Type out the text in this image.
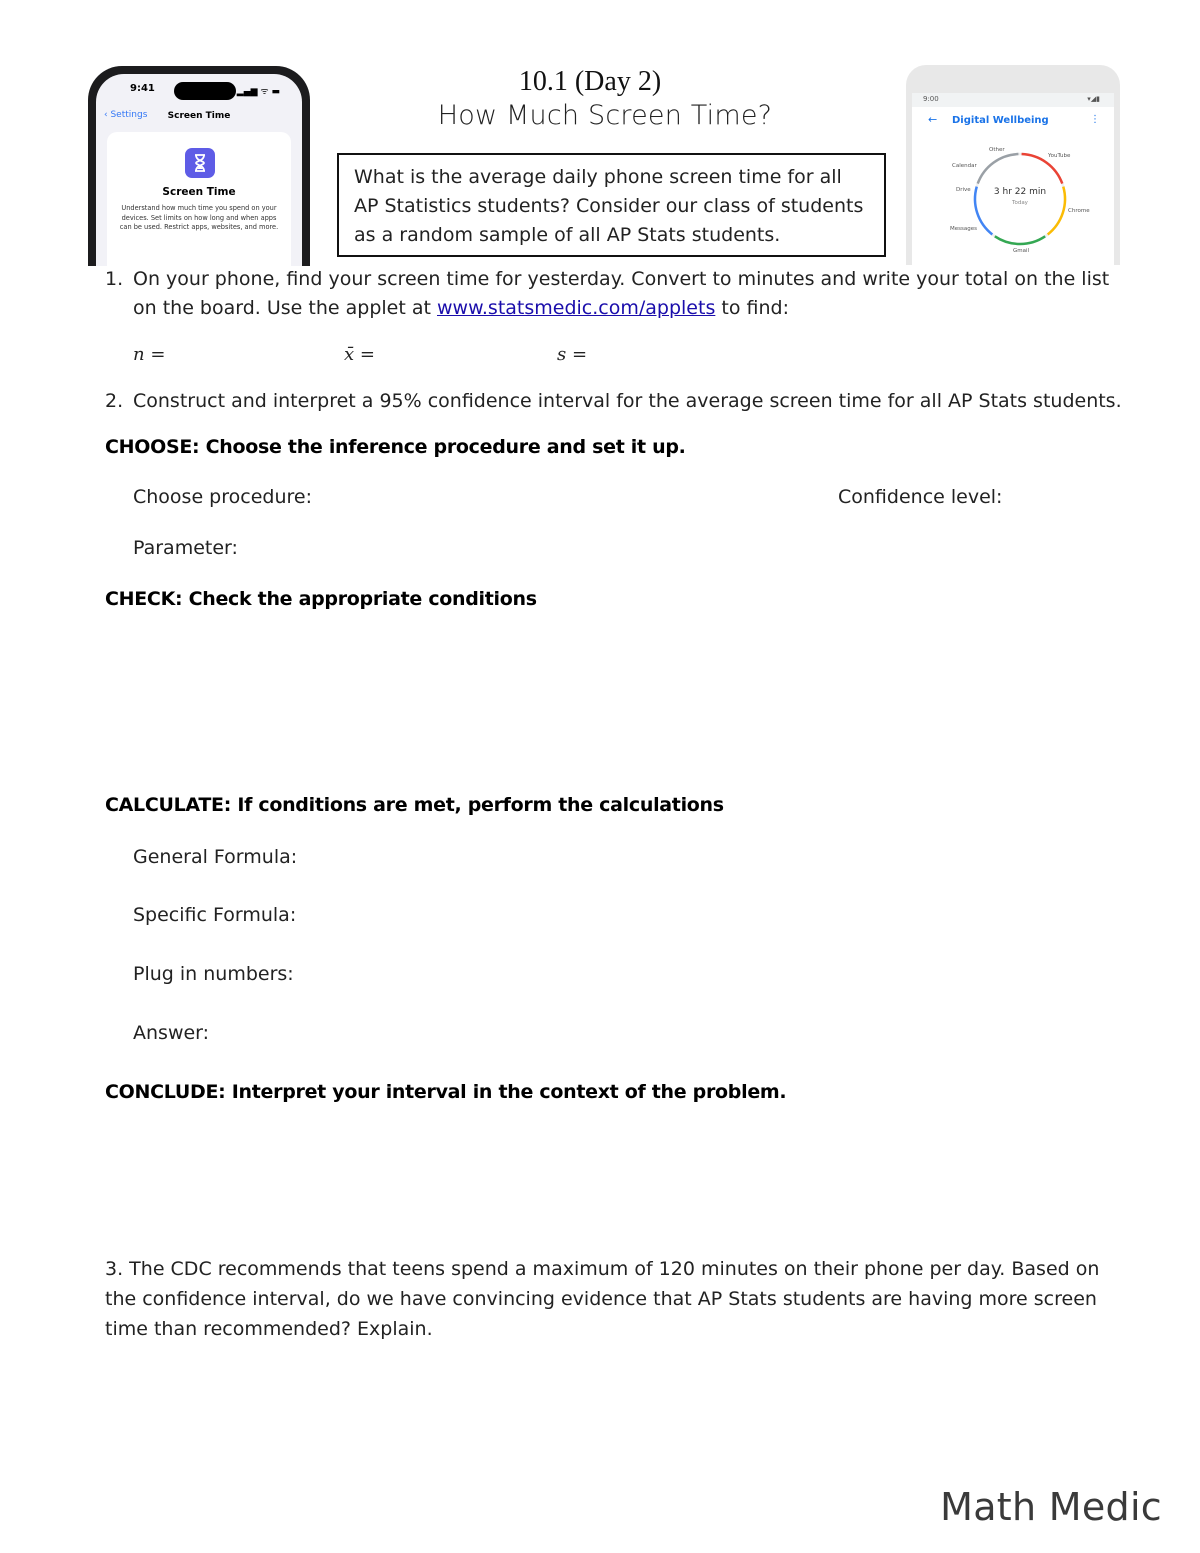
10.1 (Day 2)
How Much Screen Time?
What is the average daily phone screen time for all AP Statistics students? Consider our class of students as a random sample of all AP Stats students.
9:41	▂▄▆ ᯤ ▬
‹ Settings	Screen Time
Screen Time
Understand how much time you spend on your devices. Set limits on how long and when apps can be used. Restrict apps, websites, and more.
9:00	▾◢▮
← Digital Wellbeing	⋮
Other
YouTube
Calendar
Drive
Chrome
Messages
Gmail
3 hr 22 min
Today
1. On your phone, find your screen time for yesterday. Convert to minutes and write your total on the list
on the board. Use the applet at www.statsmedic.com/applets to find:
n =	x̄ =	s =
2. Construct and interpret a 95% confidence interval for the average screen time for all AP Stats students.
CHOOSE: Choose the inference procedure and set it up.
Choose procedure:	Confidence level:
Parameter:
CHECK: Check the appropriate conditions
CALCULATE: If conditions are met, perform the calculations
General Formula:
Specific Formula:
Plug in numbers:
Answer:
CONCLUDE: Interpret your interval in the context of the problem.
3. The CDC recommends that teens spend a maximum of 120 minutes on their phone per day. Based on
the confidence interval, do we have convincing evidence that AP Stats students are having more screen
time than recommended? Explain.
Math Medic
